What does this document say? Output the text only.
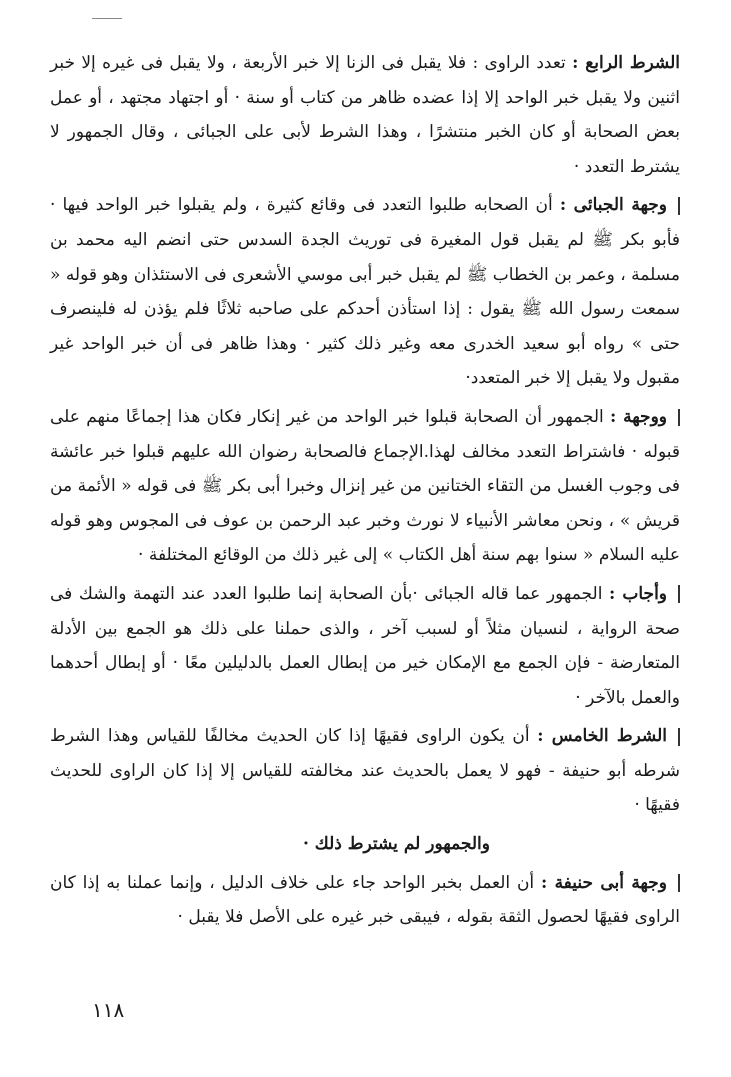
الشرط الرابع : تعدد الراوى : فلا يقبل فى الزنا إلا خبر الأربعة ، ولا يقبل فى غيره إلا خبر اثنين ولا يقبل خبر الواحد إلا إذا عضده ظاهر من كتاب أو سنة · أو اجتهاد مجتهد ، أو عمل بعض الصحابة أو كان الخبر منتشرًا ، وهذا الشرط لأبى على الجبائى ، وقال الجمهور لا يشترط التعدد ·

وجهة الجبائى : أن الصحابه طلبوا التعدد فى وقائع كثيرة ، ولم يقبلوا خبر الواحد فيها · فأبو بكر ﷺ لم يقبل قول المغيرة فى توريث الجدة السدس حتى انضم اليه محمد بن مسلمة ، وعمر بن الخطاب ﷺ لم يقبل خبر أبى موسي الأشعرى فى الاستئذان وهو قوله « سمعت رسول الله ﷺ يقول : إذا استأذن أحدكم على صاحبه ثلاثًا فلم يؤذن له فلينصرف حتى » رواه أبو سعيد الخدرى معه وغير ذلك كثير · وهذا ظاهر فى أن خبر الواحد غير مقبول ولا يقبل إلا خبر المتعدد·

ووجهة : الجمهور أن الصحابة قبلوا خبر الواحد من غير إنكار فكان هذا إجماعًا منهم على قبوله · فاشتراط التعدد مخالف لهذا.الإجماع فالصحابة رضوان الله عليهم قبلوا خبر عائشة فى وجوب الغسل من التقاء الختانين من غير إنزال وخبرا أبى بكر ﷺ فى قوله « الأئمة من قريش » ، ونحن معاشر الأنبياء لا نورث وخبر عبد الرحمن بن عوف فى المجوس وهو قوله عليه السلام « سنوا بهم سنة أهل الكتاب » إلى غير ذلك من الوقائع المختلفة ·

وأجاب : الجمهور عما قاله الجبائى ·بأن الصحابة إنما طلبوا العدد عند التهمة والشك فى صحة الرواية ، لنسيان مثلاً أو لسبب آخر ، والذى حملنا على ذلك هو الجمع بين الأدلة المتعارضة - فإن الجمع مع الإمكان خير من إبطال العمل بالدليلين معًا · أو إبطال أحدهما والعمل بالآخر ·

الشرط الخامس : أن يكون الراوى فقيهًا إذا كان الحديث مخالفًا للقياس وهذا الشرط شرطه أبو حنيفة - فهو لا يعمل بالحديث عند مخالفته للقياس إلا إذا كان الراوى للحديث فقيهًا ·

والجمهور لم يشترط ذلك ·

وجهة أبى حنيفة : أن العمل بخبر الواحد جاء على خلاف الدليل ، وإنما عملنا به إذا كان الراوى فقيهًا لحصول الثقة بقوله ، فيبقى خبر غيره على الأصل فلا يقبل ·

١١٨
